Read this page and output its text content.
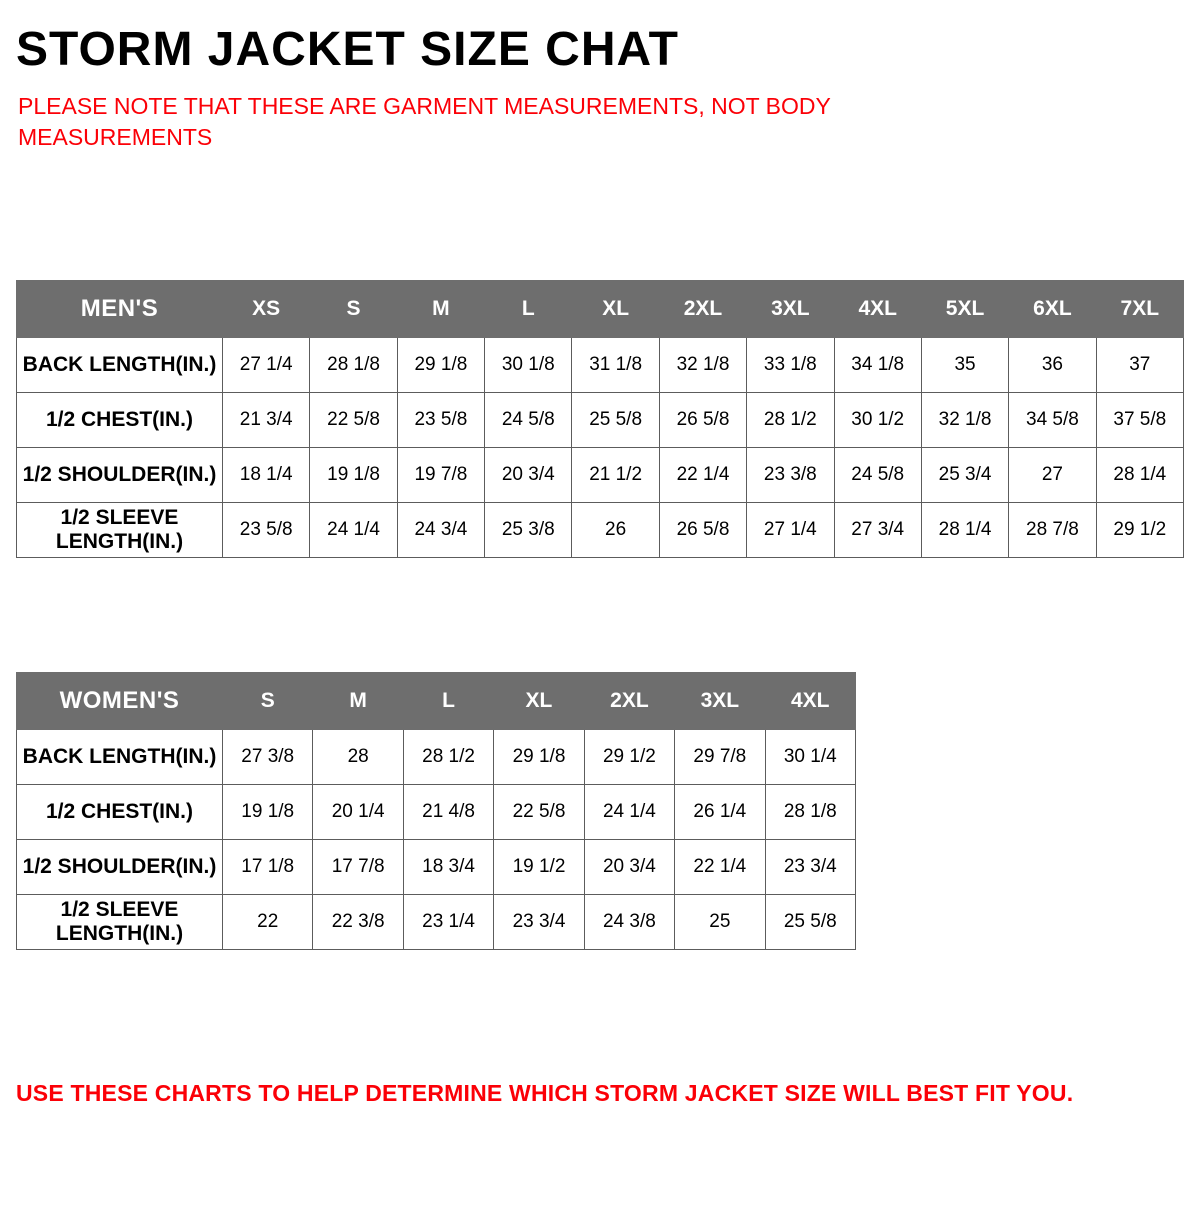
STORM JACKET SIZE CHAT

PLEASE NOTE THAT THESE ARE GARMENT MEASUREMENTS, NOT BODY MEASUREMENTS

MEN'S	XS	S	M	L	XL	2XL	3XL	4XL	5XL	6XL	7XL
BACK LENGTH(IN.)	27 1/4	28 1/8	29 1/8	30 1/8	31 1/8	32 1/8	33 1/8	34 1/8	35	36	37
1/2 CHEST(IN.)	21 3/4	22 5/8	23 5/8	24 5/8	25 5/8	26 5/8	28 1/2	30 1/2	32 1/8	34 5/8	37 5/8
1/2 SHOULDER(IN.)	18 1/4	19 1/8	19 7/8	20 3/4	21 1/2	22 1/4	23 3/8	24 5/8	25 3/4	27	28 1/4
1/2 SLEEVE LENGTH(IN.)	23 5/8	24 1/4	24 3/4	25 3/8	26	26 5/8	27 1/4	27 3/4	28 1/4	28 7/8	29 1/2
WOMEN'S	S	M	L	XL	2XL	3XL	4XL
BACK LENGTH(IN.)	27 3/8	28	28 1/2	29 1/8	29 1/2	29 7/8	30 1/4
1/2 CHEST(IN.)	19 1/8	20 1/4	21 4/8	22 5/8	24 1/4	26 1/4	28 1/8
1/2 SHOULDER(IN.)	17 1/8	17 7/8	18 3/4	19 1/2	20 3/4	22 1/4	23 3/4
1/2 SLEEVE LENGTH(IN.)	22	22 3/8	23 1/4	23 3/4	24 3/8	25	25 5/8
USE THESE CHARTS TO HELP DETERMINE WHICH STORM JACKET SIZE WILL BEST FIT YOU.
